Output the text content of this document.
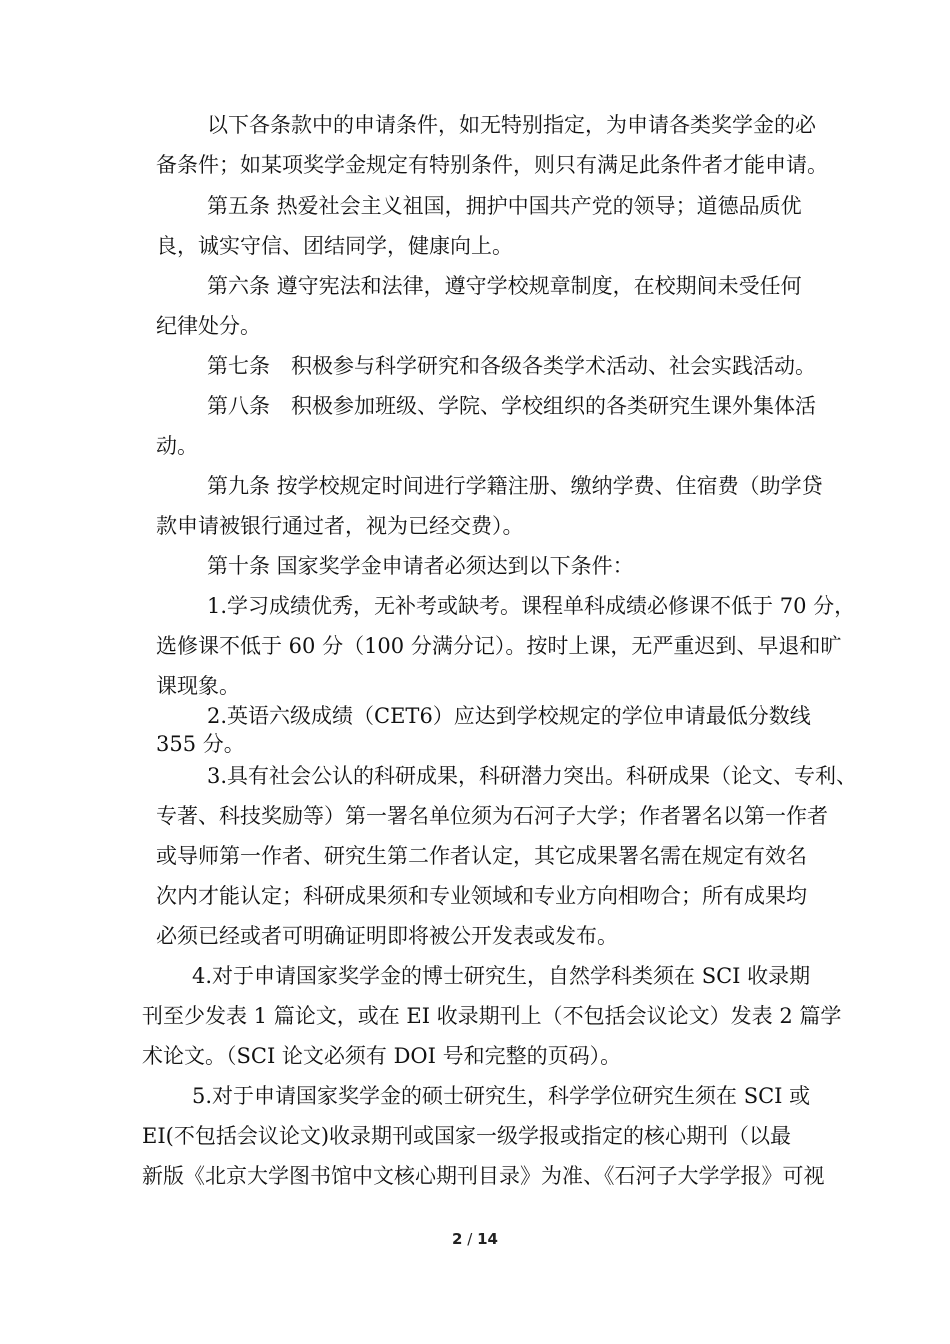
以下各条款中的申请条件，如无特别指定，为申请各类奖学金的必
备条件；如某项奖学金规定有特别条件，则只有满足此条件者才能申请。
第五条 热爱社会主义祖国，拥护中国共产党的领导；道德品质优
良，诚实守信、团结同学，健康向上。
第六条 遵守宪法和法律，遵守学校规章制度，在校期间未受任何
纪律处分。
第七条　积极参与科学研究和各级各类学术活动、社会实践活动。
第八条　积极参加班级、学院、学校组织的各类研究生课外集体活
动。
第九条 按学校规定时间进行学籍注册、缴纳学费、住宿费（助学贷
款申请被银行通过者，视为已经交费）。
第十条 国家奖学金申请者必须达到以下条件：
1.学习成绩优秀，无补考或缺考。课程单科成绩必修课不低于 70 分，
选修课不低于 60 分（100 分满分记）。按时上课，无严重迟到、早退和旷
课现象。
2.英语六级成绩（CET6）应达到学校规定的学位申请最低分数线
355 分。
3.具有社会公认的科研成果，科研潜力突出。科研成果（论文、专利、
专著、科技奖励等）第一署名单位须为石河子大学；作者署名以第一作者
或导师第一作者、研究生第二作者认定，其它成果署名需在规定有效名
次内才能认定；科研成果须和专业领域和专业方向相吻合；所有成果均
必须已经或者可明确证明即将被公开发表或发布。
4.对于申请国家奖学金的博士研究生，自然学科类须在 SCI 收录期
刊至少发表 1 篇论文，或在 EI 收录期刊上（不包括会议论文）发表 2 篇学
术论文。（SCI 论文必须有 DOI 号和完整的页码）。
5.对于申请国家奖学金的硕士研究生，科学学位研究生须在 SCI 或
EI(不包括会议论文)收录期刊或国家一级学报或指定的核心期刊（以最
新版《北京大学图书馆中文核心期刊目录》为准、《石河子大学学报》可视
2 / 14
